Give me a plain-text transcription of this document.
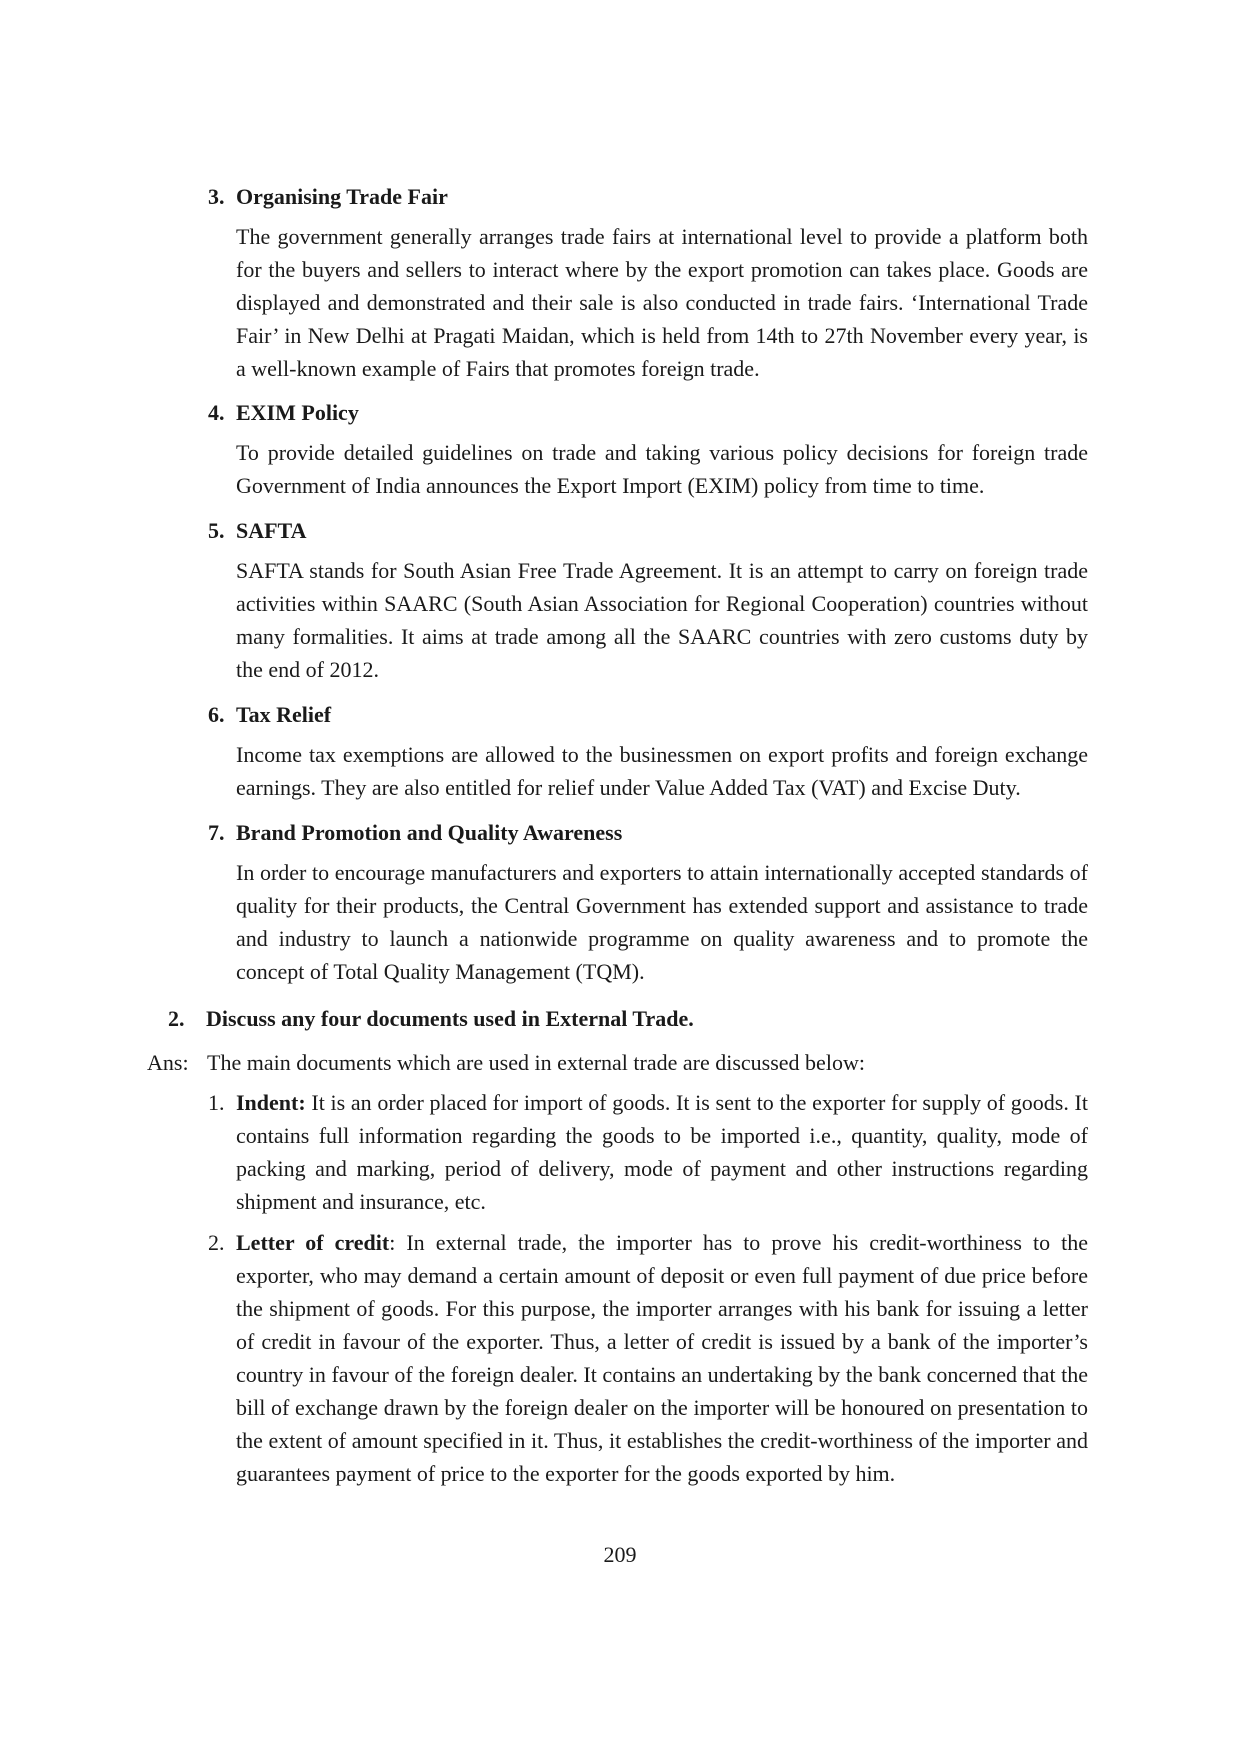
3. Organising Trade Fair
The government generally arranges trade fairs at international level to provide a platform both for the buyers and sellers to interact where by the export promotion can takes place. Goods are displayed and demonstrated and their sale is also conducted in trade fairs. ‘International Trade Fair’ in New Delhi at Pragati Maidan, which is held from 14th to 27th November every year, is a well-known example of Fairs that promotes foreign trade.
4. EXIM Policy
To provide detailed guidelines on trade and taking various policy decisions for foreign trade Government of India announces the Export Import (EXIM) policy from time to time.
5. SAFTA
SAFTA stands for South Asian Free Trade Agreement. It is an attempt to carry on foreign trade activities within SAARC (South Asian Association for Regional Cooperation) countries without many formalities. It aims at trade among all the SAARC countries with zero customs duty by the end of 2012.
6. Tax Relief
Income tax exemptions are allowed to the businessmen on export profits and foreign exchange earnings. They are also entitled for relief under Value Added Tax (VAT) and Excise Duty.
7. Brand Promotion and Quality Awareness
In order to encourage manufacturers and exporters to attain internationally accepted standards of quality for their products, the Central Government has extended support and assistance to trade and industry to launch a nationwide programme on quality awareness and to promote the concept of Total Quality Management (TQM).
2. Discuss any four documents used in External Trade.
Ans: The main documents which are used in external trade are discussed below:
1. Indent: It is an order placed for import of goods. It is sent to the exporter for supply of goods. It contains full information regarding the goods to be imported i.e., quantity, quality, mode of packing and marking, period of delivery, mode of payment and other instructions regarding shipment and insurance, etc.
2. Letter of credit: In external trade, the importer has to prove his credit-worthiness to the exporter, who may demand a certain amount of deposit or even full payment of due price before the shipment of goods. For this purpose, the importer arranges with his bank for issuing a letter of credit in favour of the exporter. Thus, a letter of credit is issued by a bank of the importer’s country in favour of the foreign dealer. It contains an undertaking by the bank concerned that the bill of exchange drawn by the foreign dealer on the importer will be honoured on presentation to the extent of amount specified in it. Thus, it establishes the credit-worthiness of the importer and guarantees payment of price to the exporter for the goods exported by him.
209
